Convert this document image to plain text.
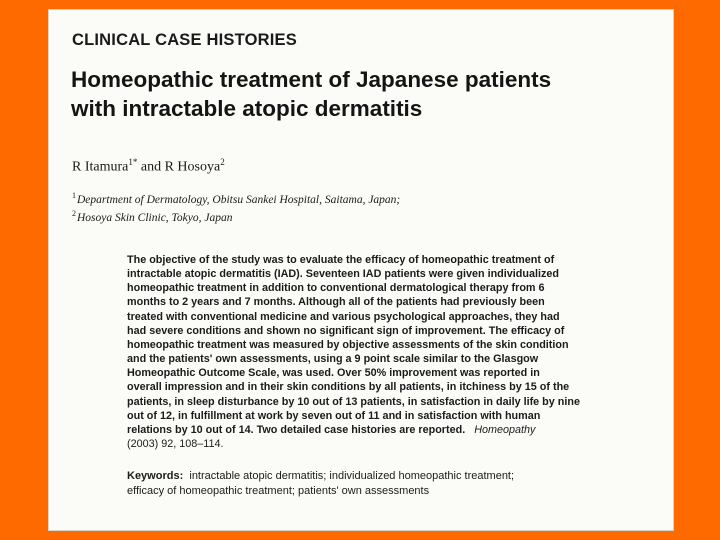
CLINICAL CASE HISTORIES
Homeopathic treatment of Japanese patients
with intractable atopic dermatitis
R Itamura$^{1*}$ and R Hosoya$^2$
$^1$Department of Dermatology, Obitsu Sankei Hospital, Saitama, Japan;
$^2$Hosoya Skin Clinic, Tokyo, Japan
The objective of the study was to evaluate the efficacy of homeopathic treatment of
intractable atopic dermatitis (IAD). Seventeen IAD patients were given individualized
homeopathic treatment in addition to conventional dermatological therapy from 6
months to 2 years and 7 months. Although all of the patients had previously been
treated with conventional medicine and various psychological approaches, they had
had severe conditions and shown no significant sign of improvement. The efficacy of
homeopathic treatment was measured by objective assessments of the skin condition
and the patients' own assessments, using a 9 point scale similar to the Glasgow
Homeopathic Outcome Scale, was used. Over 50% improvement was reported in
overall impression and in their skin conditions by all patients, in itchiness by 15 of the
patients, in sleep disturbance by 10 out of 13 patients, in satisfaction in daily life by nine
out of 12, in fulfillment at work by seven out of 11 and in satisfaction with human
relations by 10 out of 14. Two detailed case histories are reported. Homeopathy
(2003) 92, 108–114.
Keywords: intractable atopic dermatitis; individualized homeopathic treatment;
efficacy of homeopathic treatment; patients' own assessments
